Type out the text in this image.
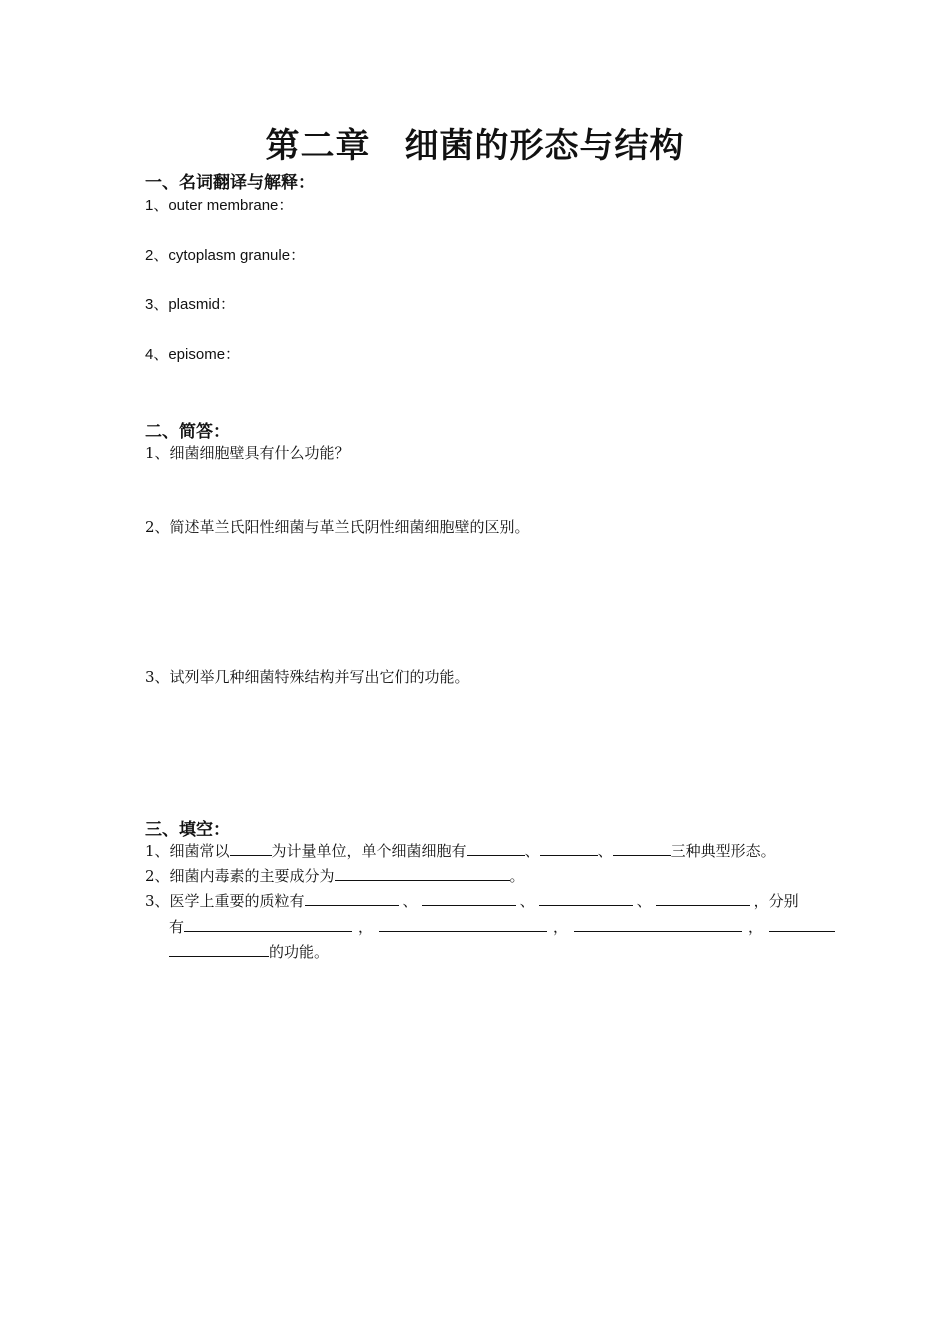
第二章 细菌的形态与结构
一、名词翻译与解释：
1、outer membrane：
2、cytoplasm granule：
3、plasmid：
4、episome：
二、简答：
1、细菌细胞壁具有什么功能？
2、简述革兰氏阳性细菌与革兰氏阴性细菌细胞壁的区别。
3、试列举几种细菌特殊结构并写出它们的功能。
三、填空：
1、细菌常以	为计量单位，单个细菌细胞有	、	、	三种典型形态。
2、细菌内毒素的主要成分为	。
3、医学上重要的质粒有	、	、	、	，分别
有	，	，	，
的功能。
